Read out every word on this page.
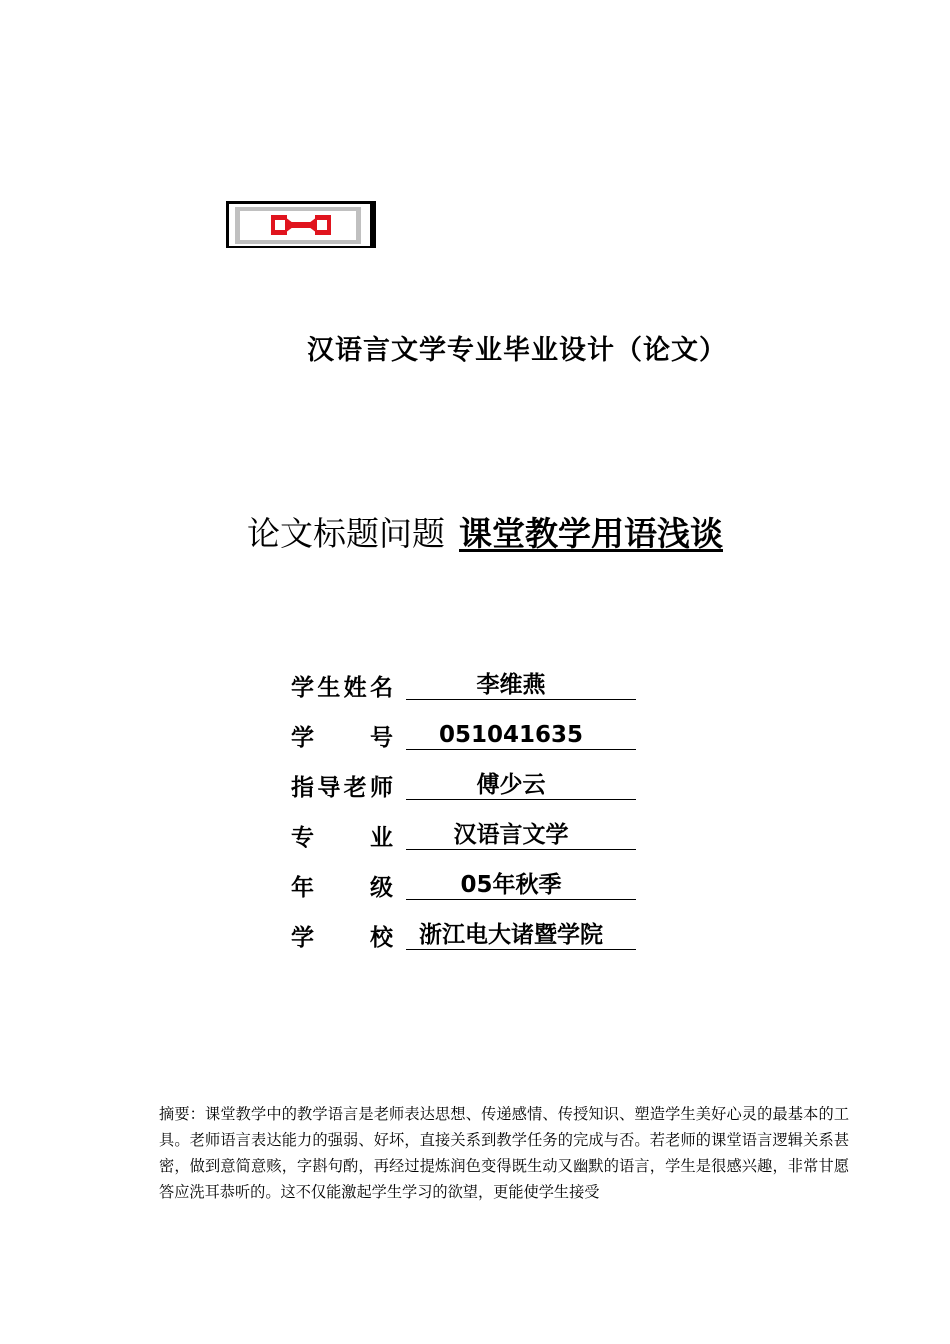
汉语言文学专业毕业设计（论文）
论文标题问题 课堂教学用语浅谈
学 生 姓 名	李维燕
学 号	051041635
指 导 老 师	傅少云
专 业	汉语言文学
年 级	05年秋季
学 校	浙江电大诸暨学院
摘要：课堂教学中的教学语言是老师表达思想、传递感情、传授知识、塑造学生美好心灵的最基本的工具。老师语言表达能力的强弱、好坏，直接关系到教学任务的完成与否。若老师的课堂语言逻辑关系甚密，做到意简意赅，字斟句酌，再经过提炼润色变得既生动又幽默的语言，学生是很感兴趣，非常甘愿答应洗耳恭听的。这不仅能激起学生学习的欲望，更能使学生接受
